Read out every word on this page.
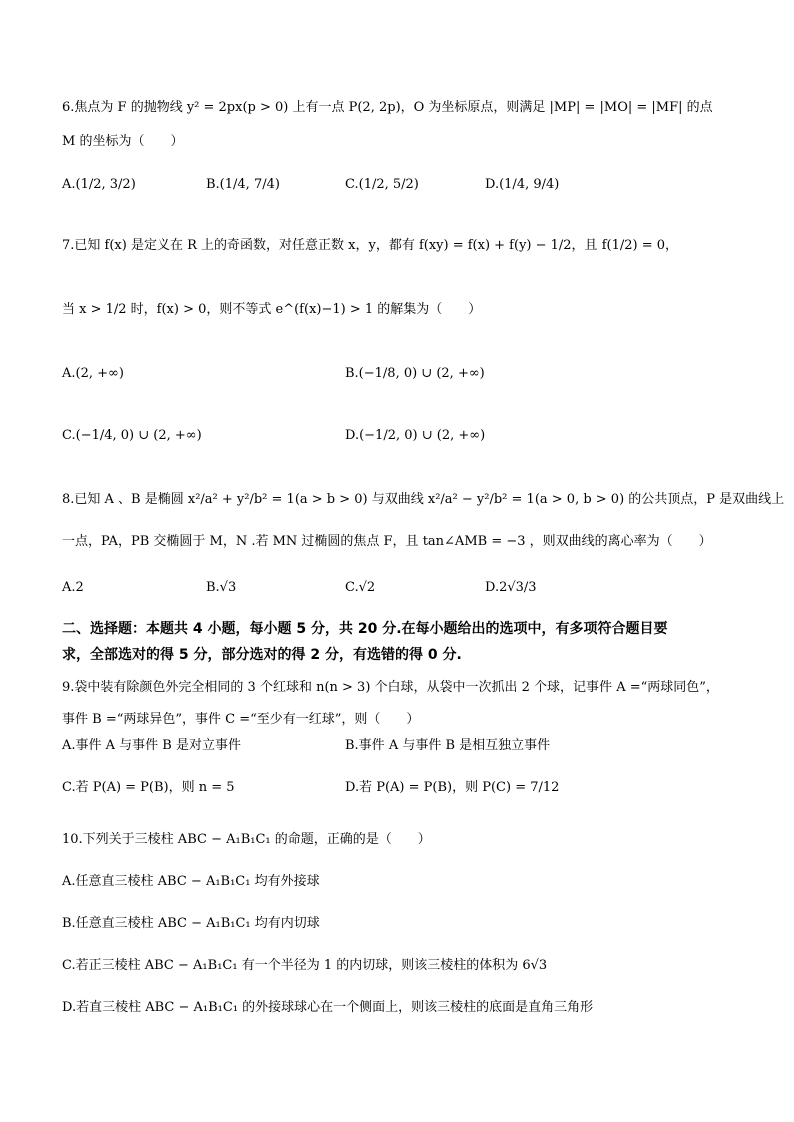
6.焦点为 F 的抛物线 y² = 2px(p > 0) 上有一点 P(2, 2p)，O 为坐标原点，则满足 |MP| = |MO| = |MF| 的点
M 的坐标为（　　）
A.(1/2, 3/2)	B.(1/4, 7/4)	C.(1/2, 5/2)	D.(1/4, 9/4)
7.已知 f(x) 是定义在 R 上的奇函数，对任意正数 x，y，都有 f(xy) = f(x) + f(y) − 1/2，且 f(1/2) = 0，
当 x > 1/2 时，f(x) > 0，则不等式 e^(f(x)−1) > 1 的解集为（　　）
A.(2, +∞)	B.(−1/8, 0) ∪ (2, +∞)
C.(−1/4, 0) ∪ (2, +∞)	D.(−1/2, 0) ∪ (2, +∞)
8.已知 A 、B 是椭圆 x²/a² + y²/b² = 1(a > b > 0) 与双曲线 x²/a² − y²/b² = 1(a > 0, b > 0) 的公共顶点，P 是双曲线上
一点，PA，PB 交椭圆于 M，N .若 MN 过椭圆的焦点 F，且 tan∠AMB = −3 ，则双曲线的离心率为（　　）
A.2	B.√3	C.√2	D.2√3/3
二、选择题：本题共 4 小题，每小题 5 分，共 20 分.在每小题给出的选项中，有多项符合题目要
求，全部选对的得 5 分，部分选对的得 2 分，有选错的得 0 分.
9.袋中装有除颜色外完全相同的 3 个红球和 n(n > 3) 个白球，从袋中一次抓出 2 个球，记事件 A =“两球同色”，
事件 B =“两球异色”，事件 C =“至少有一红球”，则（　　）
A.事件 A 与事件 B 是对立事件	B.事件 A 与事件 B 是相互独立事件
C.若 P(A) = P(B)，则 n = 5	D.若 P(A) = P(B)，则 P(C) = 7/12
10.下列关于三棱柱 ABC − A₁B₁C₁ 的命题，正确的是（　　）
A.任意直三棱柱 ABC − A₁B₁C₁ 均有外接球
B.任意直三棱柱 ABC − A₁B₁C₁ 均有内切球
C.若正三棱柱 ABC − A₁B₁C₁ 有一个半径为 1 的内切球，则该三棱柱的体积为 6√3
D.若直三棱柱 ABC − A₁B₁C₁ 的外接球球心在一个侧面上，则该三棱柱的底面是直角三角形
